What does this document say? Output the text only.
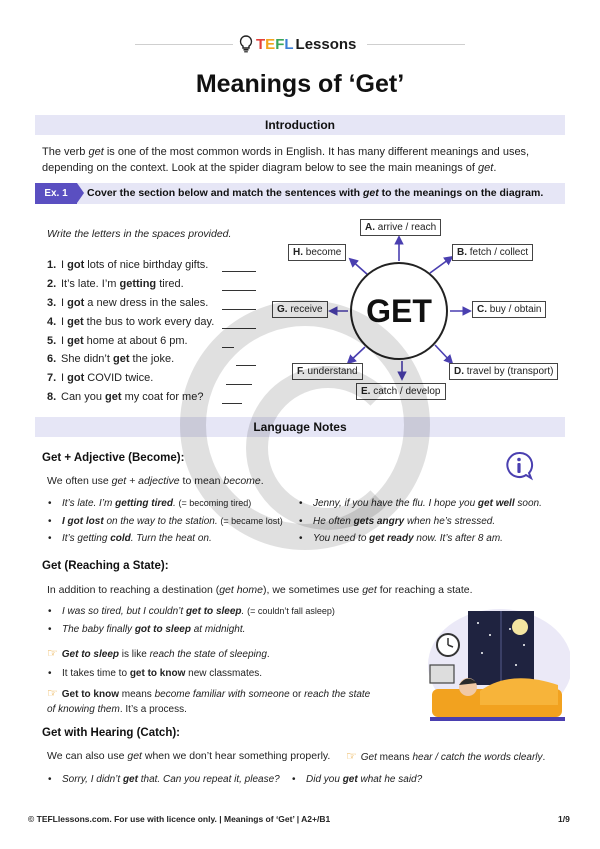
TEFL Lessons
Meanings of ‘Get’
Introduction
The verb get is one of the most common words in English. It has many different meanings and uses, depending on the context. Look at the spider diagram below to see the main meanings of get.
Ex. 1	Cover the section below and match the sentences with get to the meanings on the diagram.
Write the letters in the spaces provided.
1. I got lots of nice birthday gifts.
2. It’s late. I’m getting tired.
3. I got a new dress in the sales.
4. I get the bus to work every day.
5. I get home at about 6 pm.
6. She didn’t get the joke.
7. I got COVID twice.
8. Can you get my coat for me?
GET
A. arrive / reach
B. fetch / collect
C. buy / obtain
D. travel by (transport)
E. catch / develop
F. understand
G. receive
H. become
Language Notes
Get + Adjective (Become):
We often use get + adjective to mean become.
• It’s late. I’m getting tired. (= becoming tired)
• I got lost on the way to the station. (= became lost)
• It’s getting cold. Turn the heat on.
• Jenny, if you have the flu. I hope you get well soon.
• He often gets angry when he’s stressed.
• You need to get ready now. It’s after 8 am.
Get (Reaching a State):
In addition to reaching a destination (get home), we sometimes use get for reaching a state.
• I was so tired, but I couldn’t get to sleep. (= couldn’t fall asleep)
• The baby finally got to sleep at midnight.
☞ Get to sleep is like reach the state of sleeping.
• It takes time to get to know new classmates.
☞ Get to know means become familiar with someone or reach the state of knowing them. It’s a process.
Get with Hearing (Catch):
We can also use get when we don’t hear something properly. ☞ Get means hear / catch the words clearly.
• Sorry, I didn’t get that. Can you repeat it, please?
•	Did you get what he said?
© TEFLlessons.com. For use with licence only. | Meanings of ‘Get’ | A2+/B1	1/9
